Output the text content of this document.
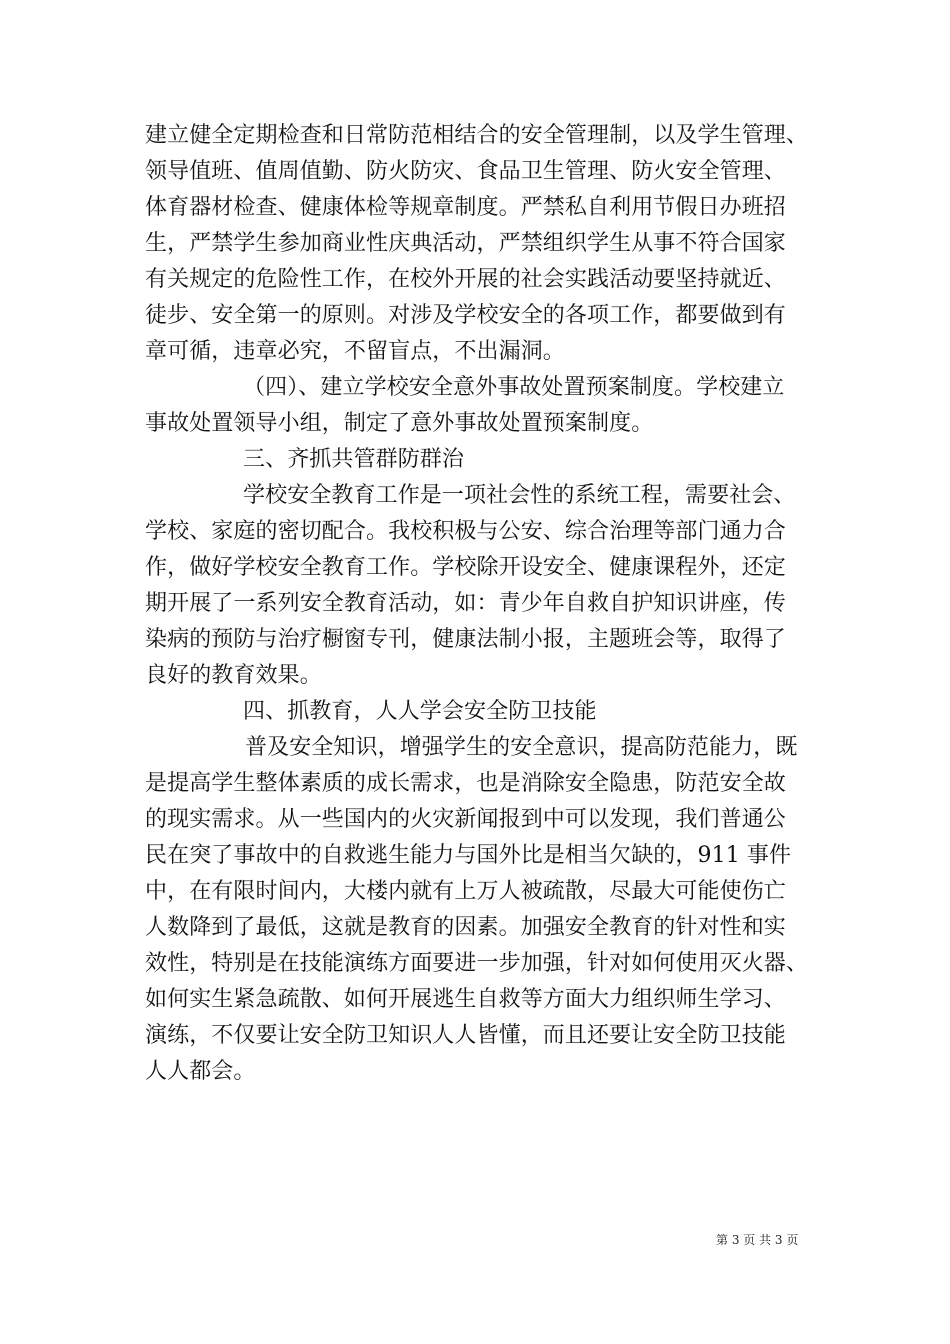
建立健全定期检查和日常防范相结合的安全管理制，以及学生管理、
领导值班、值周值勤、防火防灾、食品卫生管理、防火安全管理、
体育器材检查、健康体检等规章制度。严禁私自利用节假日办班招
生，严禁学生参加商业性庆典活动，严禁组织学生从事不符合国家
有关规定的危险性工作，在校外开展的社会实践活动要坚持就近、
徒步、安全第一的原则。对涉及学校安全的各项工作，都要做到有
章可循，违章必究，不留盲点，不出漏洞。
（四）、建立学校安全意外事故处置预案制度。学校建立
事故处置领导小组，制定了意外事故处置预案制度。
三、齐抓共管群防群治
学校安全教育工作是一项社会性的系统工程，需要社会、
学校、家庭的密切配合。我校积极与公安、综合治理等部门通力合
作，做好学校安全教育工作。学校除开设安全、健康课程外，还定
期开展了一系列安全教育活动，如：青少年自救自护知识讲座，传
染病的预防与治疗橱窗专刊，健康法制小报，主题班会等，取得了
良好的教育效果。
四、抓教育，人人学会安全防卫技能
普及安全知识，增强学生的安全意识，提高防范能力，既
是提高学生整体素质的成长需求，也是消除安全隐患，防范安全故
的现实需求。从一些国内的火灾新闻报到中可以发现，我们普通公
民在突了事故中的自救逃生能力与国外比是相当欠缺的，911 事件
中，在有限时间内，大楼内就有上万人被疏散，尽最大可能使伤亡
人数降到了最低，这就是教育的因素。加强安全教育的针对性和实
效性，特别是在技能演练方面要进一步加强，针对如何使用灭火器、
如何实生紧急疏散、如何开展逃生自救等方面大力组织师生学习、
演练，不仅要让安全防卫知识人人皆懂，而且还要让安全防卫技能
人人都会。
第 3 页 共 3 页
